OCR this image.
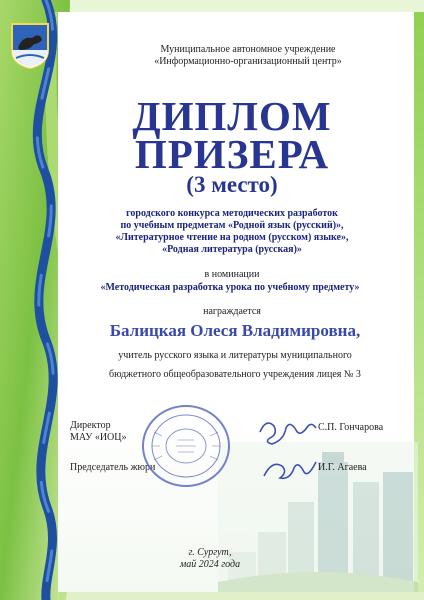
Муниципальное автономное учреждение
«Информационно-организационный центр»
ДИПЛОМ
ПРИЗЕРА
(3 место)
городского конкурса методических разработок
по учебным предметам «Родной язык (русский)»,
«Литературное чтение на родном (русском) языке»,
«Родная литература (русская)»
в номинации
«Методическая разработка урока по учебному предмету»
награждается
Балицкая Олеся Владимировна,
учитель русского языка и литературы муниципального
бюджетного общеобразовательного учреждения лицея № 3
Директор
МАУ «ИОЦ»
Председатель жюри
С.П. Гончарова
И.Г. Агаева
г. Сургут,
май 2024 года
